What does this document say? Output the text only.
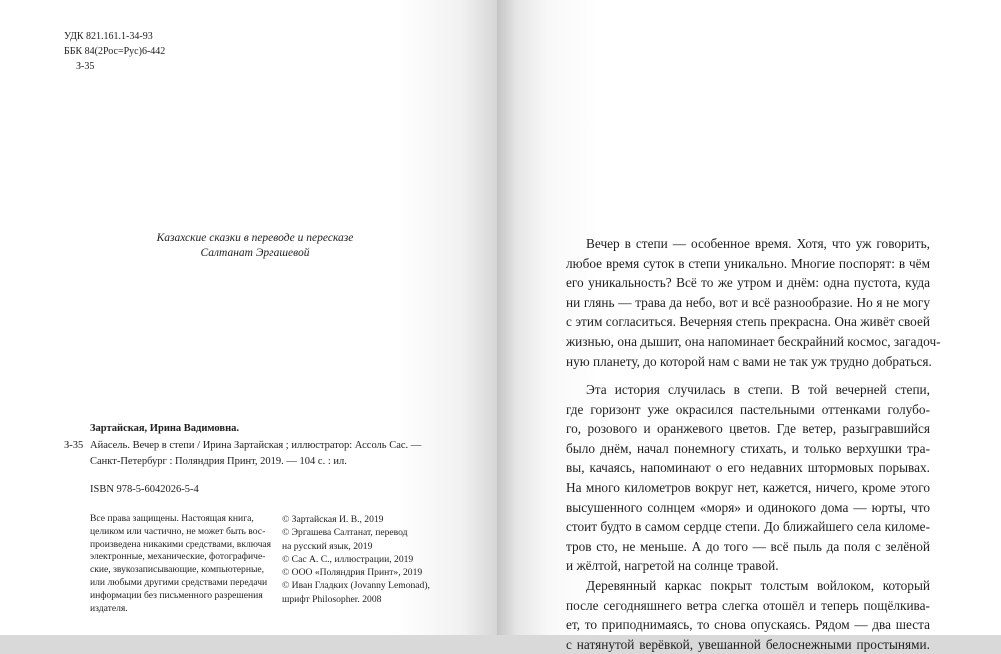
УДК 821.161.1-34-93

ББК 84(2Рос=Рус)6-442

З-35

Казахские сказки в переводе и пересказе
Салтанат Эргашевой

Зартайская, Ирина Вадимовна.

З-35 Айасель. Вечер в степи / Ирина Зартайская ; иллюстратор: Ассоль Сас. —

Санкт-Петербург : Поляндрия Принт, 2019. — 104 с. : ил.

ISBN 978-5-6042026-5-4

Все права защищены. Настоящая книга,
целиком или частично, не может быть вос-
произведена никакими средствами, включая
электронные, механические, фотографиче-
ские, звукозаписывающие, компьютерные,
или любыми другими средствами передачи
информации без письменного разрешения
издателя.
© Зартайская И. В., 2019
© Эргашева Салтанат, перевод
на русский язык, 2019
© Сас А. С., иллюстрации, 2019
© ООО «Поляндрия Принт», 2019
© Иван Гладких (Jovanny Lemonad),
шрифт Philosopher. 2008
Вечер в степи — особенное время. Хотя, что уж говорить,
любое время суток в степи уникально. Многие поспорят: в чём
его уникальность? Всё то же утром и днём: одна пустота, куда
ни глянь — трава да небо, вот и всё разнообразие. Но я не могу
с этим согласиться. Вечерняя степь прекрасна. Она живёт своей
жизнью, она дышит, она напоминает бескрайний космос, загадоч-
ную планету, до которой нам с вами не так уж трудно добраться.
Эта история случилась в степи. В той вечерней степи,
где горизонт уже окрасился пастельными оттенками голубо-
го, розового и оранжевого цветов. Где ветер, разыгравшийся
было днём, начал понемногу стихать, и только верхушки тра-
вы, качаясь, напоминают о его недавних штормовых порывах.
На много километров вокруг нет, кажется, ничего, кроме этого
высушенного солнцем «моря» и одинокого дома — юрты, что
стоит будто в самом сердце степи. До ближайшего села киломе-
тров сто, не меньше. А до того — всё пыль да поля с зелёной
и жёлтой, нагретой на солнце травой.
Деревянный каркас покрыт толстым войлоком, который
после сегодняшнего ветра слегка отошёл и теперь пощёлкива-
ет, то приподнимаясь, то снова опускаясь. Рядом — два шеста
с натянутой верёвкой, увешанной белоснежными простынями.
